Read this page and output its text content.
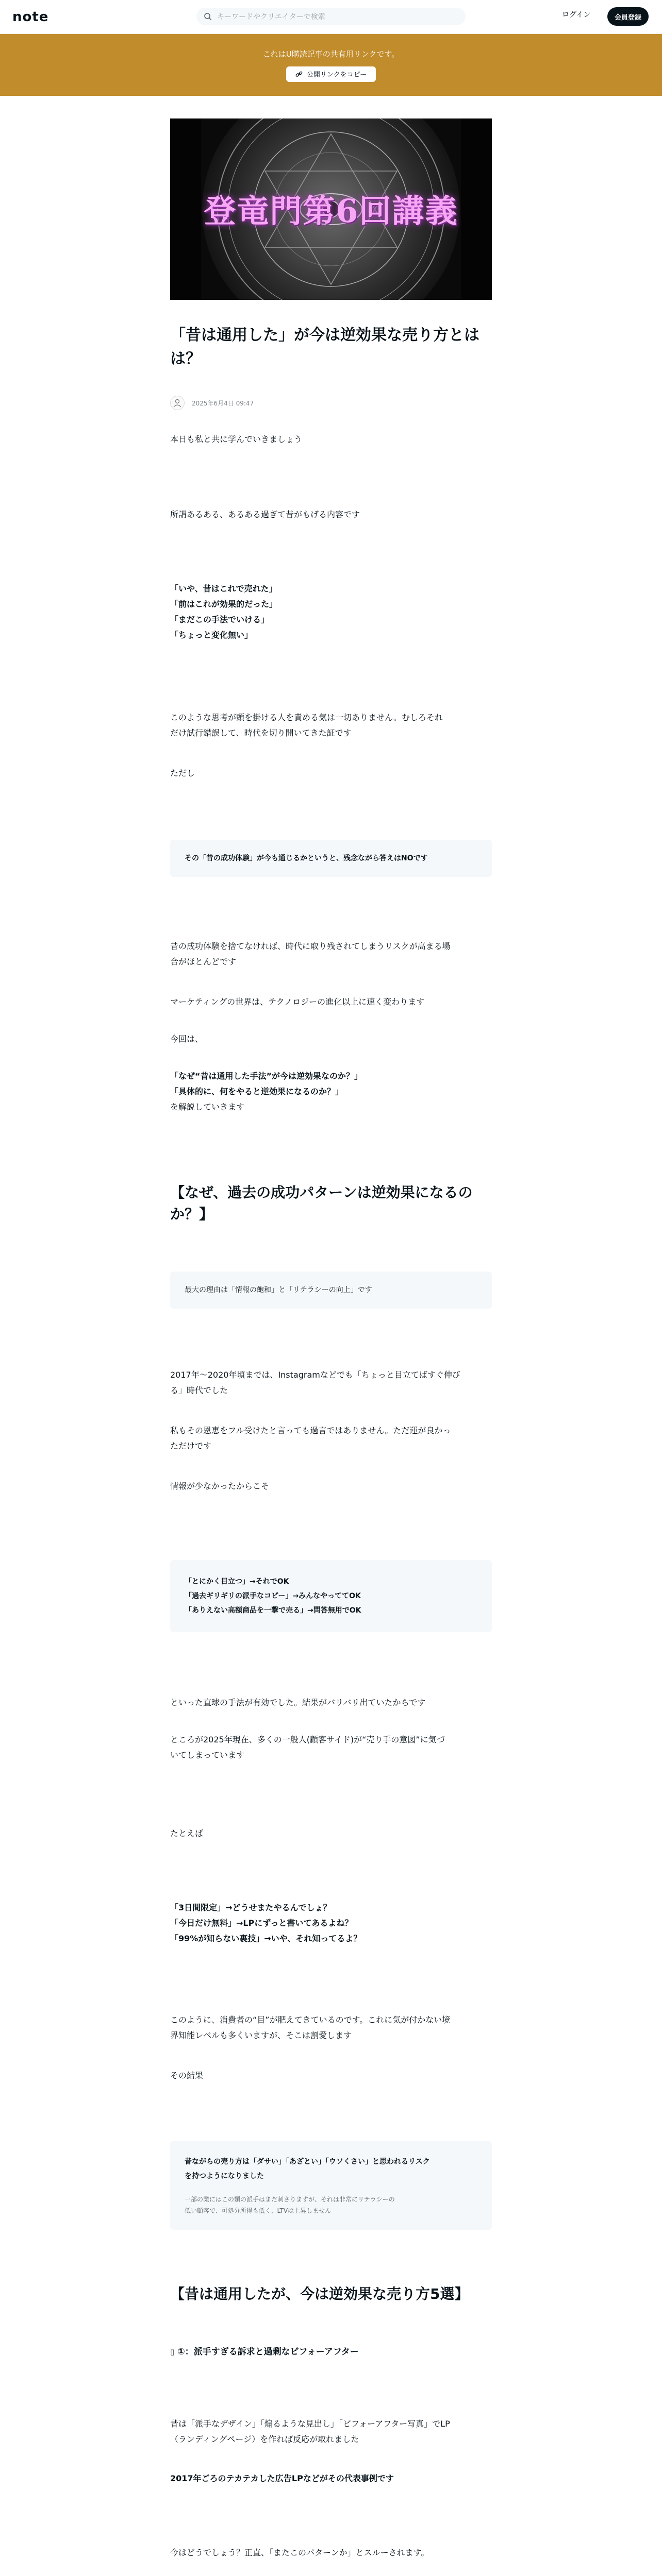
note	キーワードやクリエイターで検索	ログイン	会員登録
これはU購読記事の共有用リンクです。
公開リンクをコピー
登竜門第6回講義
「昔は通用した」が今は逆効果な売り方とは
は？
2025年6月4日 09:47
本日も私と共に学んでいきましょう
所謂あるある、あるある過ぎて昔がもげる内容です
「いや、昔はこれで売れた」
「前はこれが効果的だった」
「まだこの手法でいける」
「ちょっと変化無い」
このような思考が頭を掛ける人を責める気は一切ありません。むしろそれ
だけ試行錯誤して、時代を切り開いてきた証です
ただし
その「昔の成功体験」が今も通じるかというと、残念ながら答えはNOです
昔の成功体験を捨てなければ、時代に取り残されてしまうリスクが高まる場
合がほとんどです
マーケティングの世界は、テクノロジーの進化以上に速く変わります
今回は、
「なぜ“昔は通用した手法”が今は逆効果なのか？」
「具体的に、何をやると逆効果になるのか？」
を解説していきます
【なぜ、過去の成功パターンは逆効果になるの
か？】
最大の理由は「情報の飽和」と「リテラシーの向上」です
2017年〜2020年頃までは、Instagramなどでも「ちょっと目立てばすぐ伸び
る」時代でした
私もその恩恵をフル受けたと言っても過言ではありません。ただ運が良かっ
ただけです
情報が少なかったからこそ
「とにかく目立つ」→それでOK
「過去ギリギリの派手なコピー」→みんなやっててOK
「ありえない高額商品を一撃で売る」→問答無用でOK
といった直球の手法が有効でした。結果がバリバリ出ていたからです
ところが2025年現在、多くの一般人(顧客サイド)が“売り手の意図”に気づ
いてしまっています
たとえば
「3日間限定」→どうせまたやるんでしょ？
「今日だけ無料」→LPにずっと書いてあるよね？
「99%が知らない裏技」→いや、それ知ってるよ？
このように、消費者の“目”が肥えてきているのです。これに気が付かない境
界知能レベルも多くいますが、そこは割愛します
その結果
昔ながらの売り方は「ダサい」「あざとい」「ウソくさい」と思われるリスク
を持つようになりました
一部の業にはこの類の派手はまだ刺さりますが、それは非常にリテラシーの
低い顧客で、可処分所得も低く、LTVは上昇しません
【昔は通用したが、今は逆効果な売り方5選】
▯ ①：派手すぎる訴求と過剰なビフォーアフター
昔は「派手なデザイン」「煽るような見出し」「ビフォーアフター写真」でLP
（ランディングページ）を作れば反応が取れました
2017年ごろのテカテカした広告LPなどがその代表事例です
今はどうでしょう？正直、「またこのパターンか」とスルーされます。
